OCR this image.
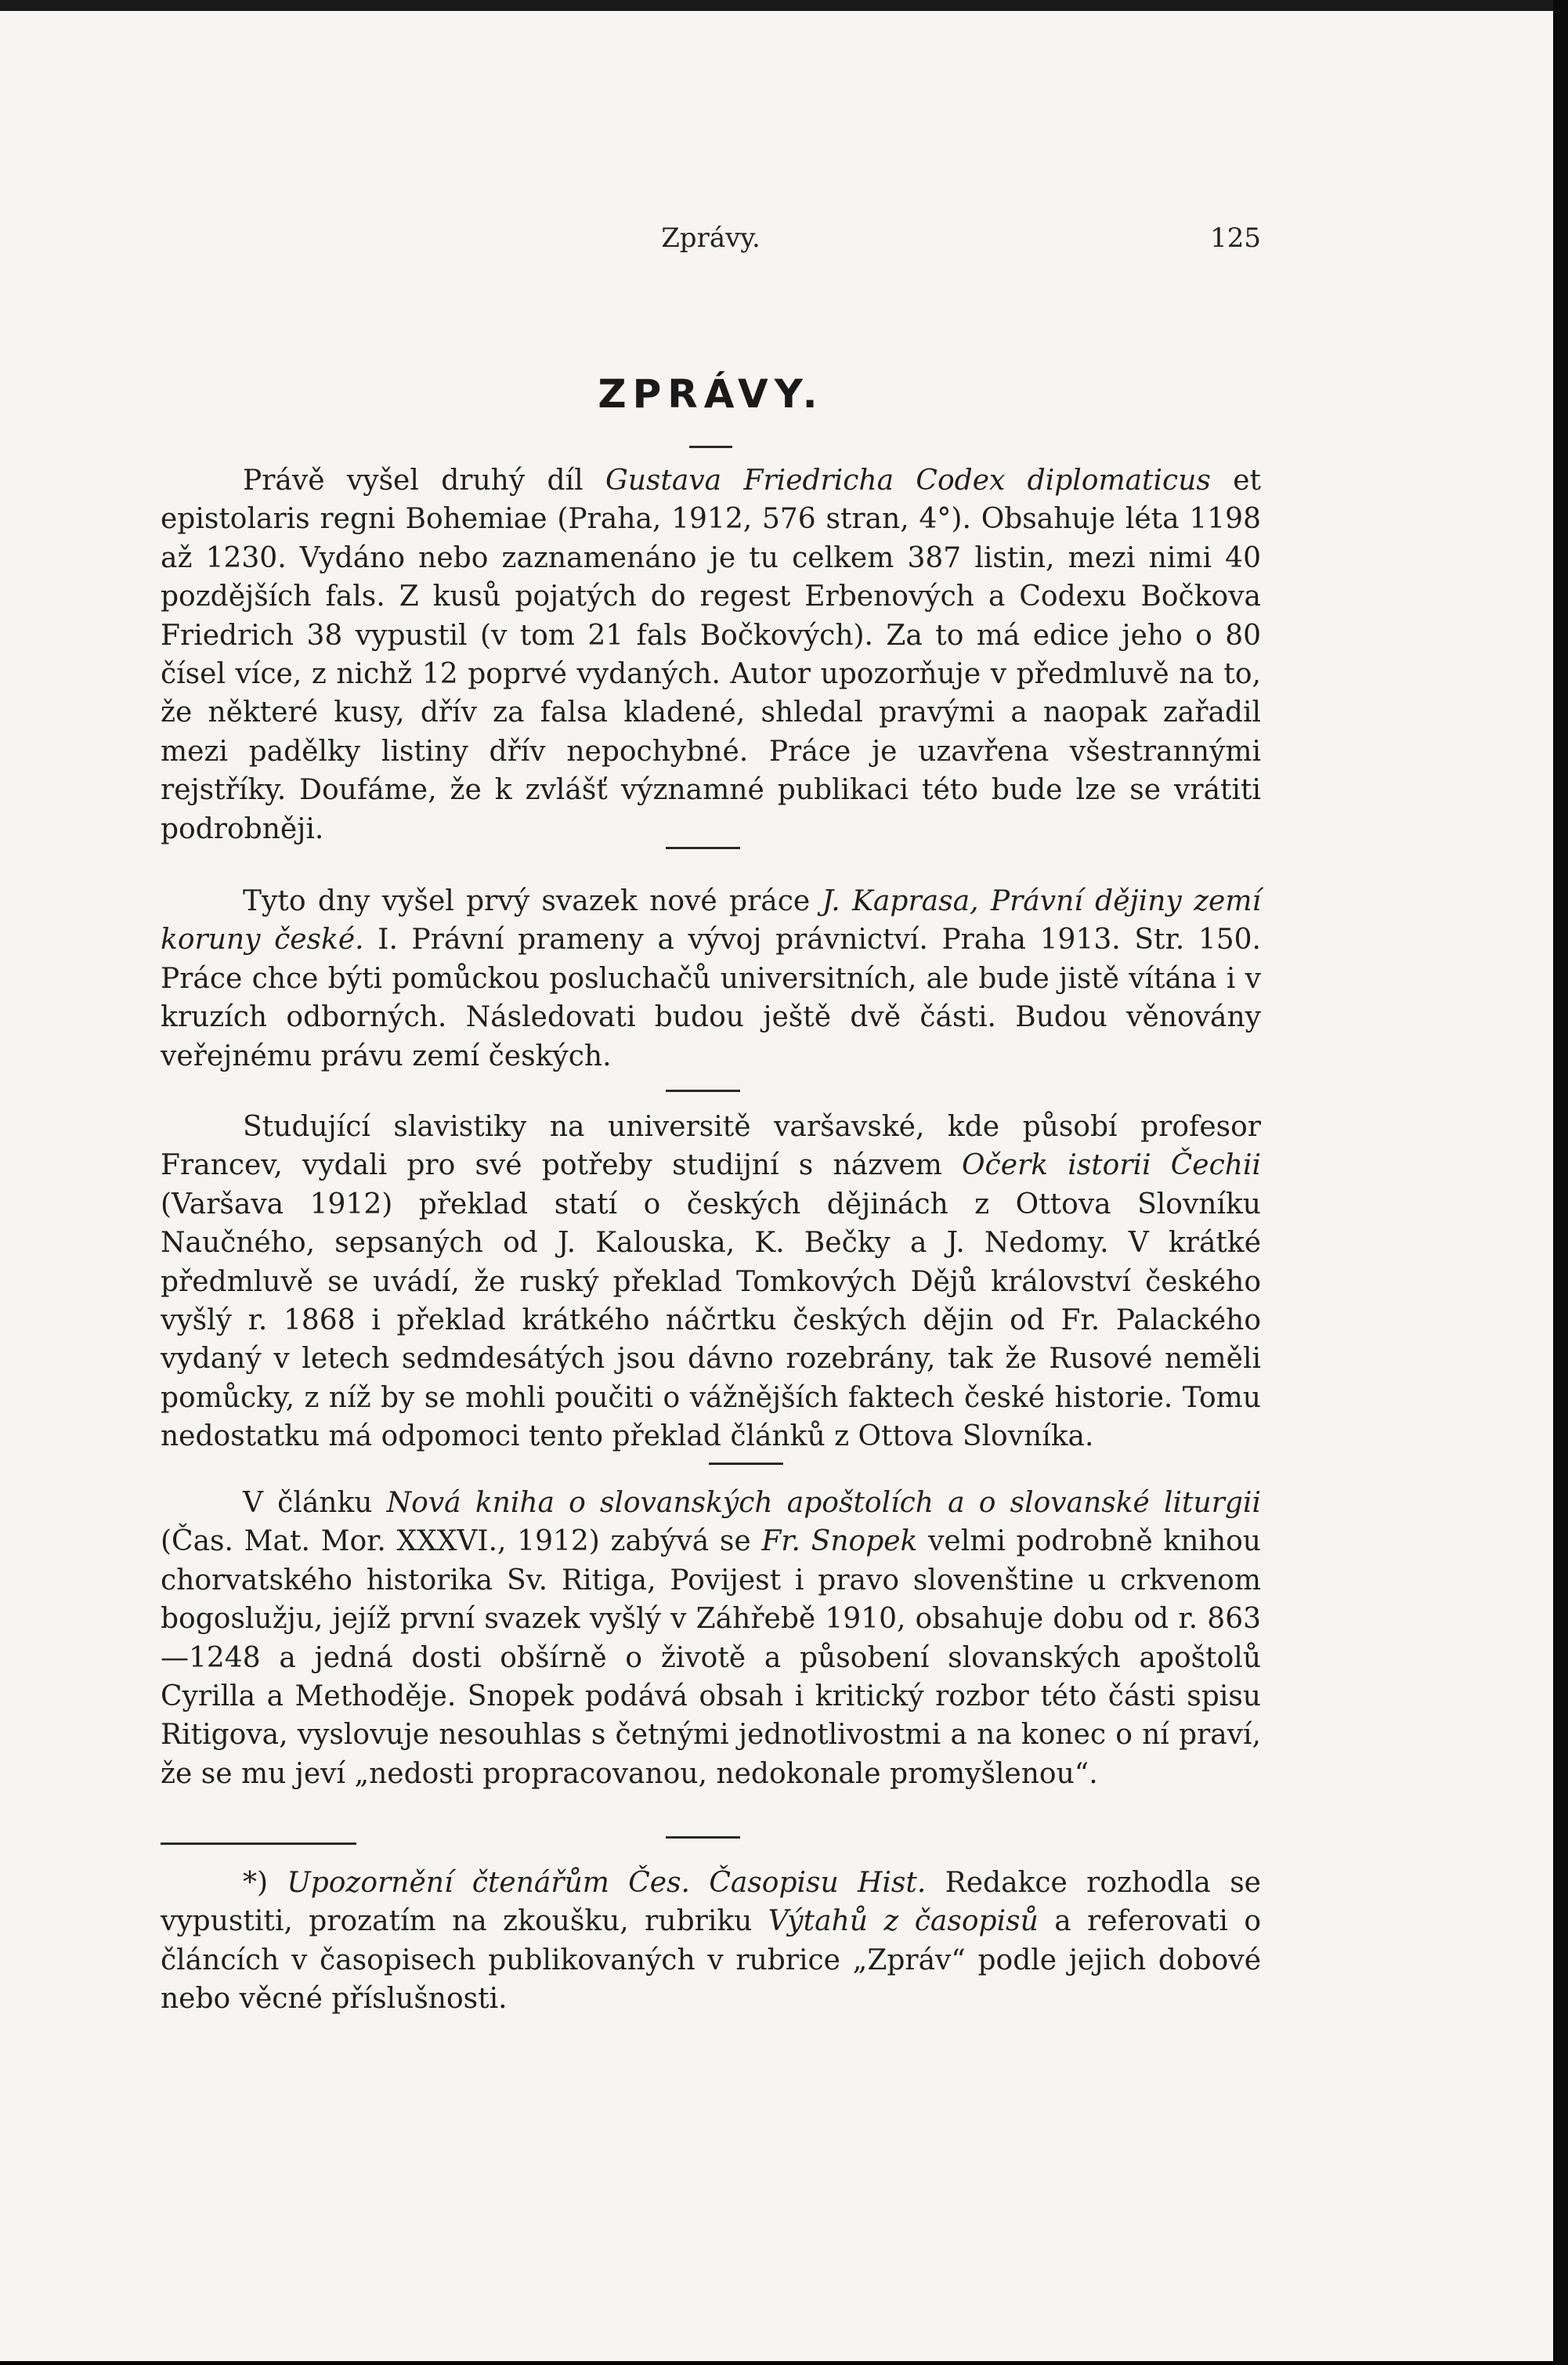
Zprávy.	125
ZPRÁVY.

Právě vyšel druhý díl Gustava Friedricha Codex diplomaticus et epistolaris regni Bohemiae (Praha, 1912, 576 stran, 4°). Obsahuje léta 1198 až 1230. Vydáno nebo zaznamenáno je tu celkem 387 listin, mezi nimi 40 pozdějších fals. Z kusů pojatých do regest Erbenových a Codexu Bočkova Friedrich 38 vypustil (v tom 21 fals Bočkových). Za to má edice jeho o 80 čísel více, z nichž 12 poprvé vydaných. Autor upozorňuje v předmluvě na to, že některé kusy, dřív za falsa kladené, shledal pravými a naopak zařadil mezi padělky listiny dřív nepochybné. Práce je uzavřena všestrannými rejstříky. Doufáme, že k zvlášť významné publikaci této bude lze se vrátiti podrobněji.

Tyto dny vyšel prvý svazek nové práce J. Kaprasa, Právní dějiny zemí koruny české. I. Právní prameny a vývoj právnictví. Praha 1913. Str. 150. Práce chce býti pomůckou posluchačů universitních, ale bude jistě vítána i v kruzích odborných. Následovati budou ještě dvě části. Budou věnovány veřejnému právu zemí českých.

Studující slavistiky na universitě varšavské, kde působí profesor Francev, vydali pro své potřeby studijní s názvem Očerk istorii Čechii (Varšava 1912) překlad statí o českých dějinách z Ottova Slovníku Naučného, sepsaných od J. Kalouska, K. Bečky a J. Nedomy. V krátké předmluvě se uvádí, že ruský překlad Tomkových Dějů království českého vyšlý r. 1868 i překlad krátkého náčrtku českých dějin od Fr. Palackého vydaný v letech sedmdesátých jsou dávno rozebrány, tak že Rusové neměli pomůcky, z níž by se mohli poučiti o vážnějších faktech české historie. Tomu nedostatku má odpomoci tento překlad článků z Ottova Slovníka.

V článku Nová kniha o slovanských apoštolích a o slovanské liturgii (Čas. Mat. Mor. XXXVI., 1912) zabývá se Fr. Snopek velmi podrobně knihou chorvatského historika Sv. Ritiga, Povijest i pravo slovenštine u crkvenom bogoslužju, jejíž první svazek vyšlý v Záhřebě 1910, obsahuje dobu od r. 863—1248 a jedná dosti obšírně o životě a působení slovanských apoštolů Cyrilla a Methoděje. Snopek podává obsah i kritický rozbor této části spisu Ritigova, vyslovuje nesouhlas s četnými jednotlivostmi a na konec o ní praví, že se mu jeví „nedosti propracovanou, nedokonale promyšlenou“.

*) Upozornění čtenářům Čes. Časopisu Hist. Redakce rozhodla se vypustiti, prozatím na zkoušku, rubriku Výtahů z časopisů a referovati o článcích v časopisech publikovaných v rubrice „Zpráv“ podle jejich dobové nebo věcné příslušnosti.
